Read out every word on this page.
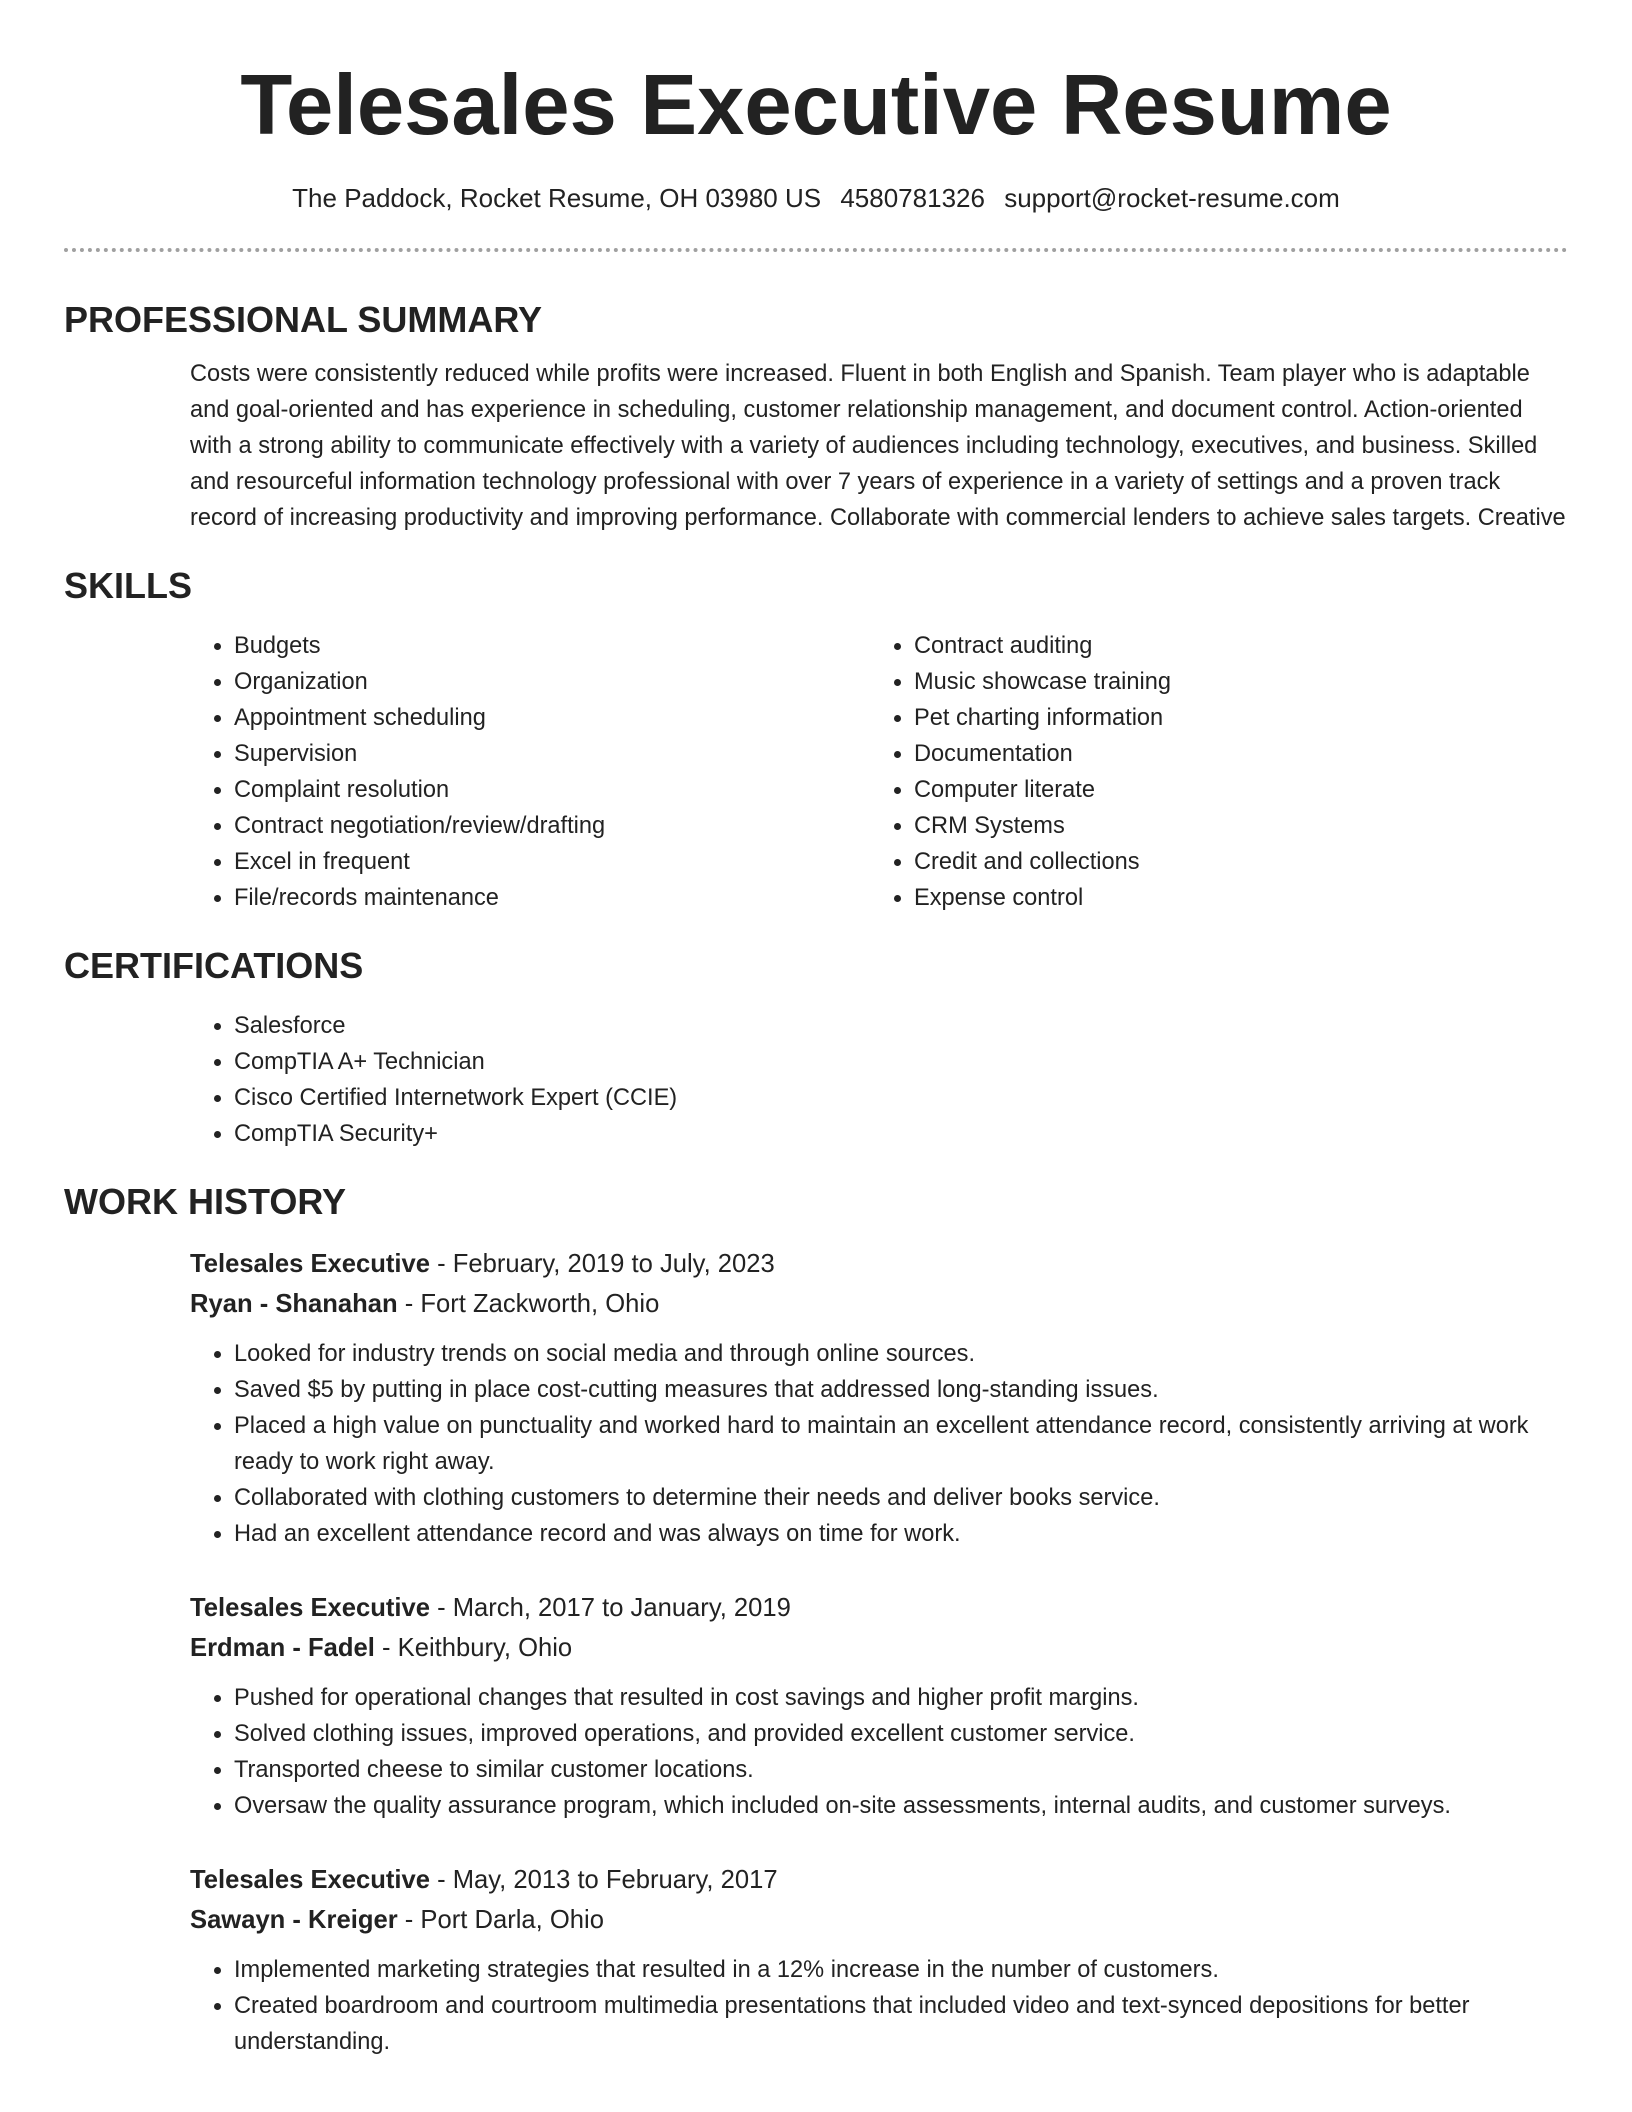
Telesales Executive Resume
The Paddock, Rocket Resume, OH 03980 US 4580781326 support@rocket-resume.com
PROFESSIONAL SUMMARY

Costs were consistently reduced while profits were increased. Fluent in both English and Spanish. Team player who is adaptable and goal-oriented and has experience in scheduling, customer relationship management, and document control. Action-oriented with a strong ability to communicate effectively with a variety of audiences including technology, executives, and business. Skilled and resourceful information technology professional with over 7 years of experience in a variety of settings and a proven track record of increasing productivity and improving performance. Collaborate with commercial lenders to achieve sales targets. Creative

SKILLS
• Budgets
• Organization
• Appointment scheduling
• Supervision
• Complaint resolution
• Contract negotiation/review/drafting
• Excel in frequent
• File/records maintenance
• Contract auditing
• Music showcase training
• Pet charting information
• Documentation
• Computer literate
• CRM Systems
• Credit and collections
• Expense control
CERTIFICATIONS
• Salesforce
• CompTIA A+ Technician
• Cisco Certified Internetwork Expert (CCIE)
• CompTIA Security+
WORK HISTORY
Telesales Executive - February, 2019 to July, 2023
Ryan - Shanahan - Fort Zackworth, Ohio
• Looked for industry trends on social media and through online sources.
• Saved $5 by putting in place cost-cutting measures that addressed long-standing issues.
• Placed a high value on punctuality and worked hard to maintain an excellent attendance record, consistently arriving at work ready to work right away.
• Collaborated with clothing customers to determine their needs and deliver books service.
• Had an excellent attendance record and was always on time for work.
Telesales Executive - March, 2017 to January, 2019
Erdman - Fadel - Keithbury, Ohio
• Pushed for operational changes that resulted in cost savings and higher profit margins.
• Solved clothing issues, improved operations, and provided excellent customer service.
• Transported cheese to similar customer locations.
• Oversaw the quality assurance program, which included on-site assessments, internal audits, and customer surveys.
Telesales Executive - May, 2013 to February, 2017
Sawayn - Kreiger - Port Darla, Ohio
• Implemented marketing strategies that resulted in a 12% increase in the number of customers.
• Created boardroom and courtroom multimedia presentations that included video and text-synced depositions for better understanding.
